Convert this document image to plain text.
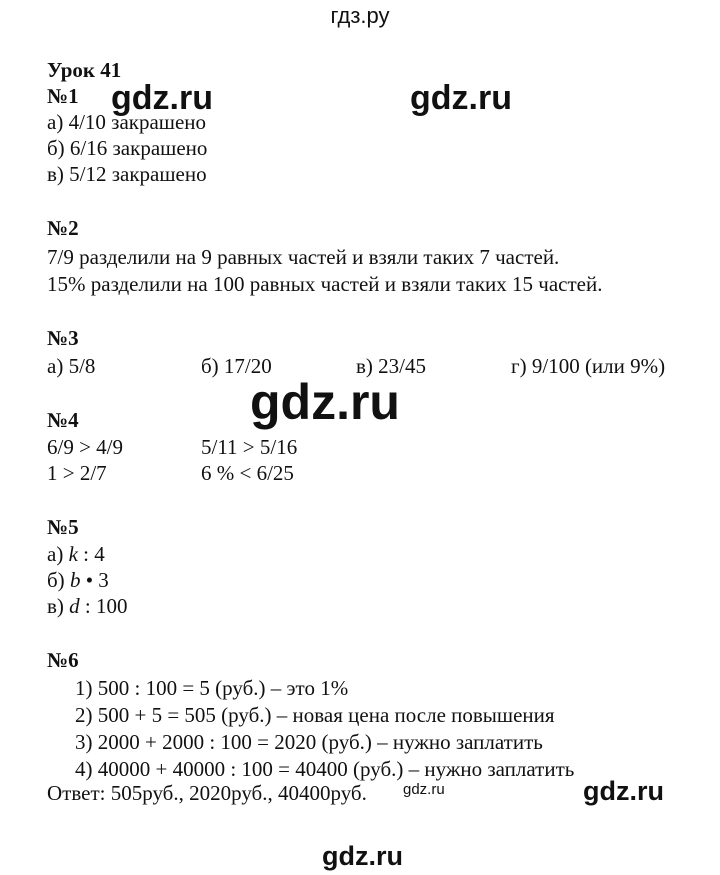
гдз.ру
Урок 41
№1
а) 4/10 закрашено
б) 6/16 закрашено
в) 5/12 закрашено
№2
7/9 разделили на 9 равных частей и взяли таких 7 частей.
15% разделили на 100 равных частей и взяли таких 15 частей.
№3
а) 5/8	б) 17/20	в) 23/45	г) 9/100 (или 9%)
№4
6/9 > 4/9	5/11 > 5/16
1 > 2/7	6 % < 6/25
№5
а) k : 4
б) b • 3
в) d : 100
№6
1) 500 : 100 = 5 (руб.) – это 1%
2) 500 + 5 = 505 (руб.) – новая цена после повышения
3) 2000 + 2000 : 100 = 2020 (руб.) – нужно заплатить
4) 40000 + 40000 : 100 = 40400 (руб.) – нужно заплатить
Ответ: 505руб., 2020руб., 40400руб.
gdz.ru	gdz.ru
gdz.ru
gdz.ru	gdz.ru
gdz.ru
